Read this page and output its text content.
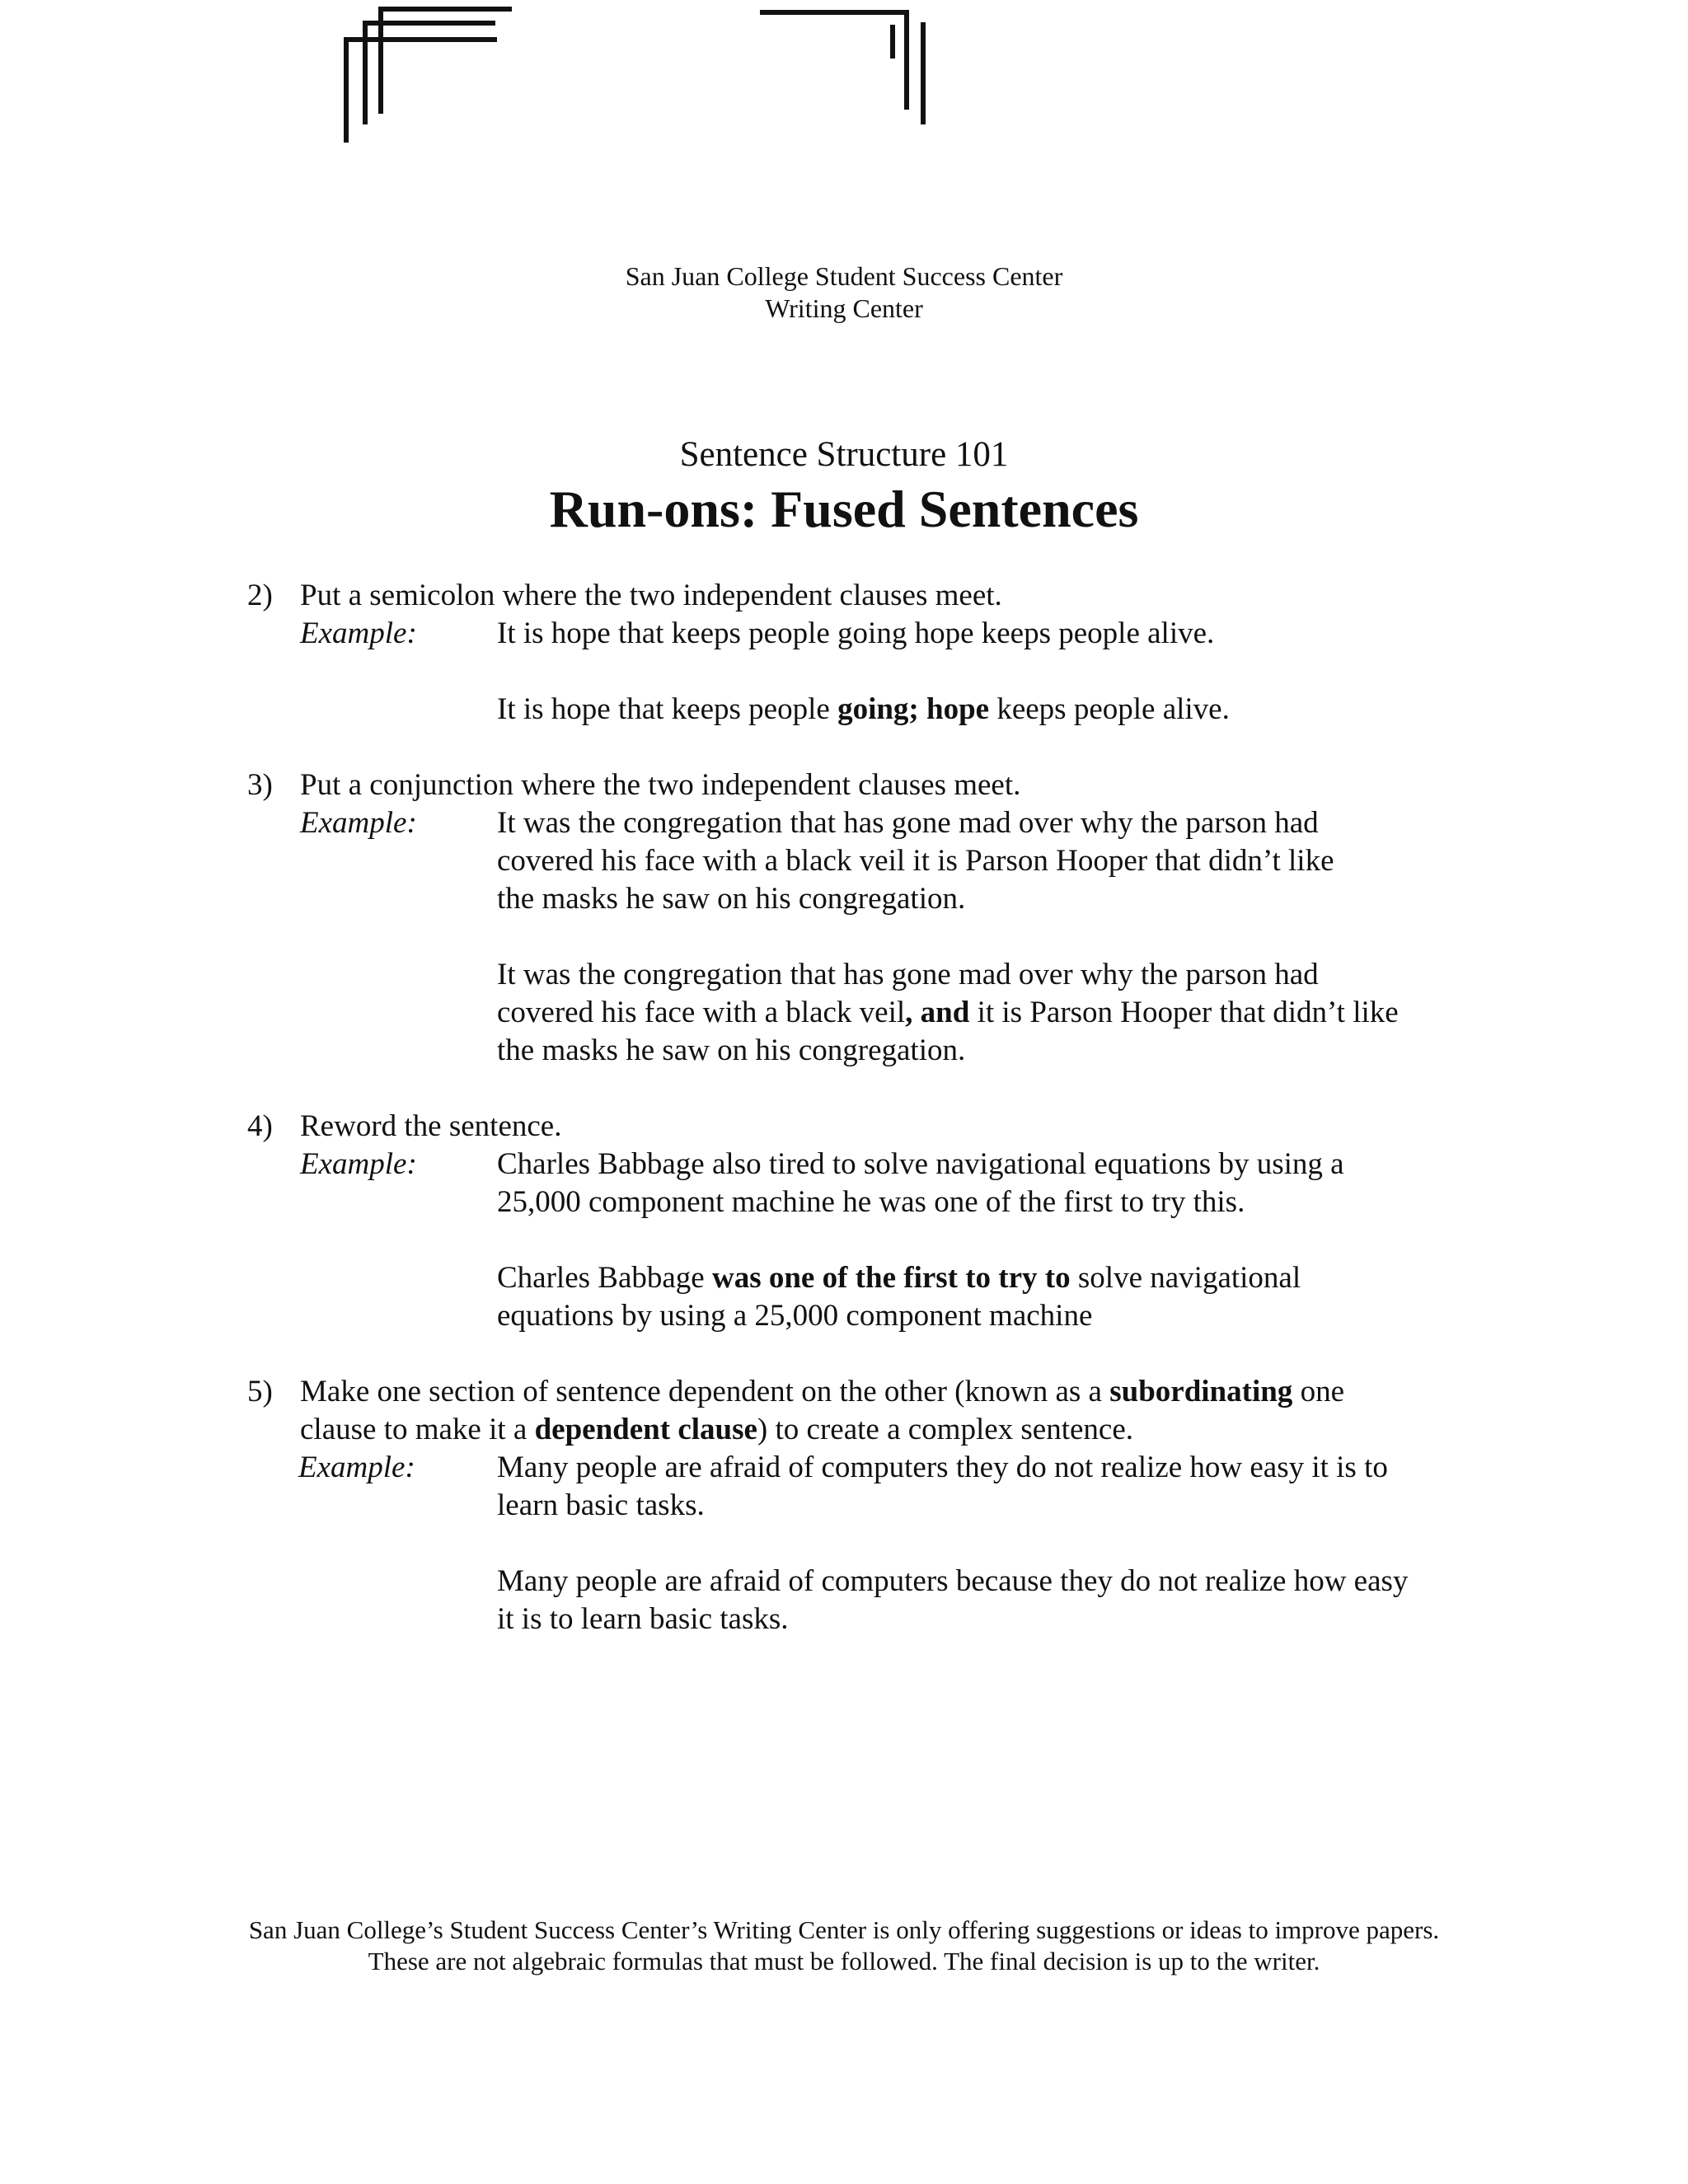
San Juan College Student Success Center
Writing Center
Sentence Structure 101
Run-ons: Fused Sentences
2) Put a semicolon where the two independent clauses meet.
Example:	It is hope that keeps people going hope keeps people alive.
It is hope that keeps people going; hope keeps people alive.
3) Put a conjunction where the two independent clauses meet.
Example:	It was the congregation that has gone mad over why the parson had
covered his face with a black veil it is Parson Hooper that didn’t like
the masks he saw on his congregation.
It was the congregation that has gone mad over why the parson had
covered his face with a black veil, and it is Parson Hooper that didn’t like
the masks he saw on his congregation.
4) Reword the sentence.
Example:	Charles Babbage also tired to solve navigational equations by using a
25,000 component machine he was one of the first to try this.
Charles Babbage was one of the first to try to solve navigational
equations by using a 25,000 component machine
5) Make one section of sentence dependent on the other (known as a subordinating one
clause to make it a dependent clause) to create a complex sentence.
Example:	Many people are afraid of computers they do not realize how easy it is to
learn basic tasks.
Many people are afraid of computers because they do not realize how easy
it is to learn basic tasks.
San Juan College’s Student Success Center’s Writing Center is only offering suggestions or ideas to improve papers.
These are not algebraic formulas that must be followed. The final decision is up to the writer.
